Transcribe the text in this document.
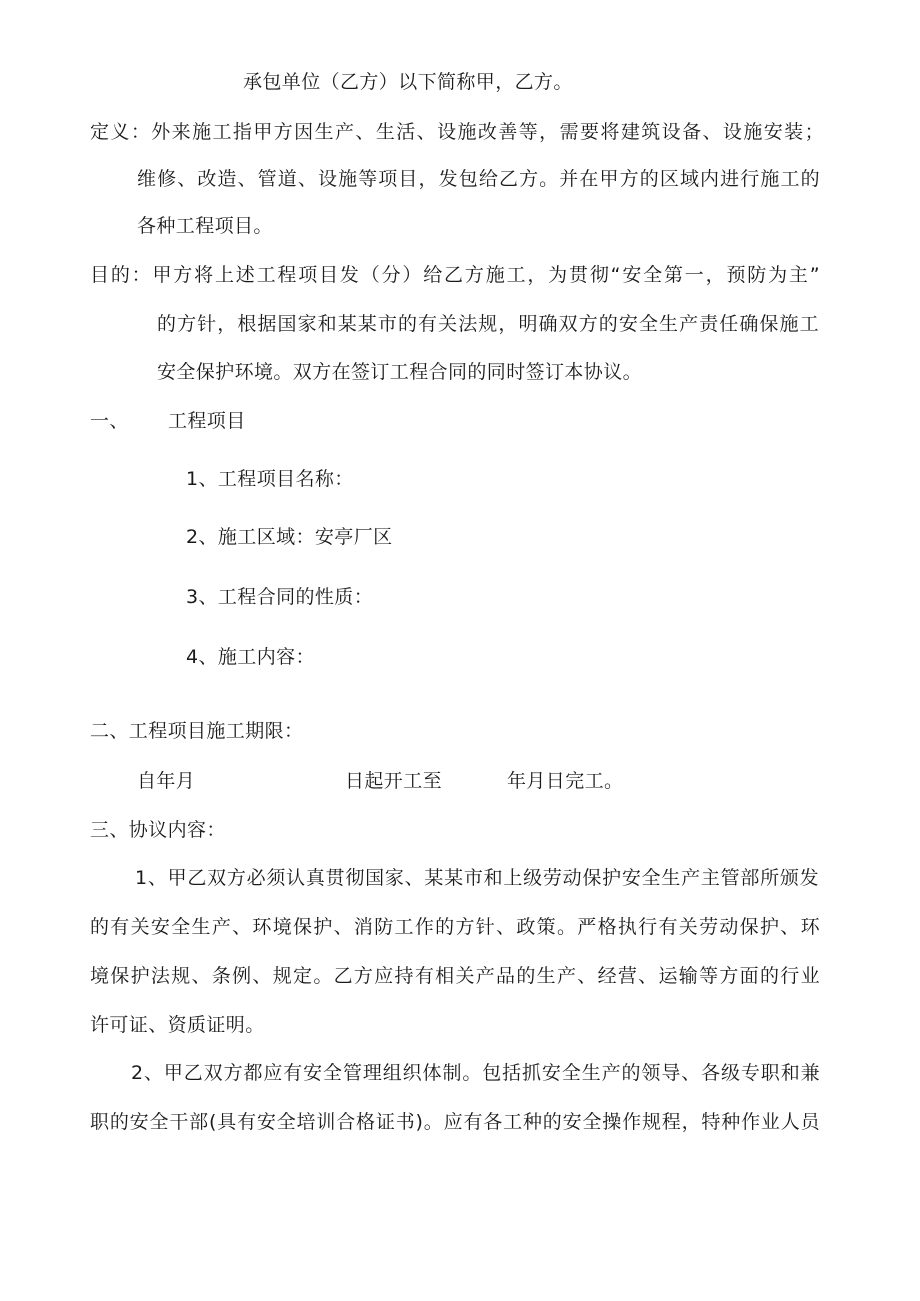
承包单位（乙方）以下简称甲，乙方。
定义：外来施工指甲方因生产、生活、设施改善等，需要将建筑设备、设施安装；
维修、改造、管道、设施等项目，发包给乙方。并在甲方的区域内进行施工的
各种工程项目。
目的：甲方将上述工程项目发（分）给乙方施工，为贯彻“安全第一，预防为主”
的方针，根据国家和某某市的有关法规，明确双方的安全生产责任确保施工
安全保护环境。双方在签订工程合同的同时签订本协议。
一、 工程项目
1、工程项目名称：
2、施工区域：安亭厂区
3、工程合同的性质：
4、施工内容：
二、工程项目施工期限：
自年月	日起开工至	年月日完工。
三、协议内容：
1、甲乙双方必须认真贯彻国家、某某市和上级劳动保护安全生产主管部所颁发
的有关安全生产、环境保护、消防工作的方针、政策。严格执行有关劳动保护、环
境保护法规、条例、规定。乙方应持有相关产品的生产、经营、运输等方面的行业
许可证、资质证明。
2、甲乙双方都应有安全管理组织体制。包括抓安全生产的领导、各级专职和兼
职的安全干部(具有安全培训合格证书)。应有各工种的安全操作规程，特种作业人员
